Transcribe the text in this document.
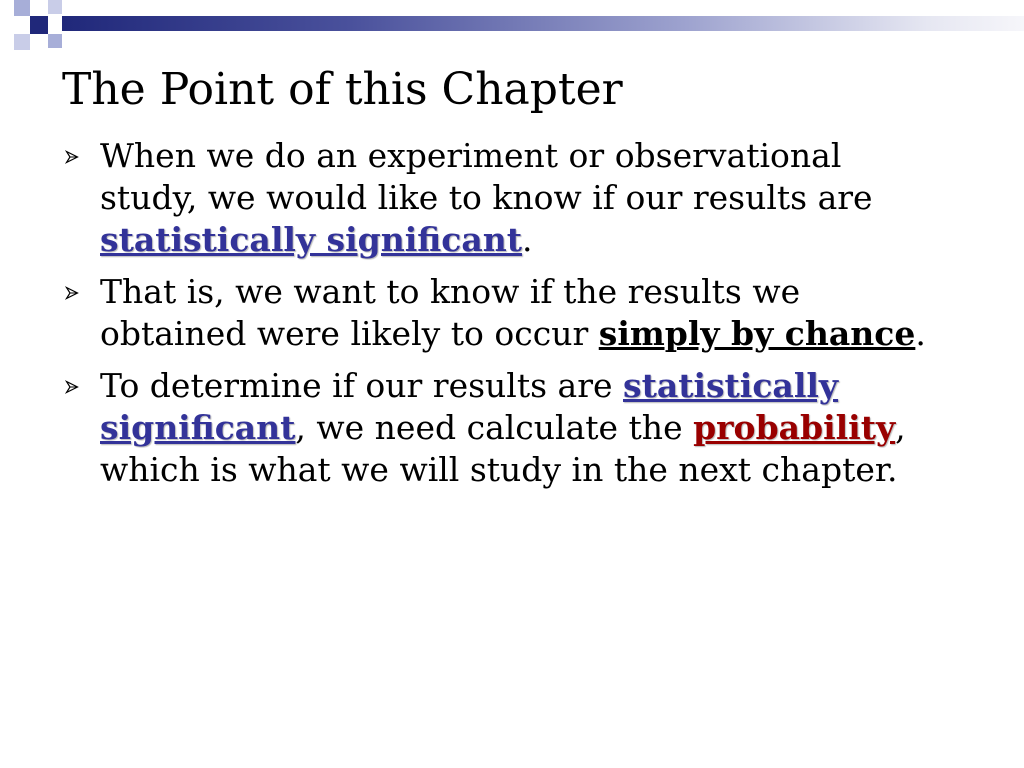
The Point of this Chapter
When we do an experiment or observational
study, we would like to know if our results are
statistically significant.
That is, we want to know if the results we
obtained were likely to occur simply by chance.
To determine if our results are statistically
significant, we need calculate the probability,
which is what we will study in the next chapter.
